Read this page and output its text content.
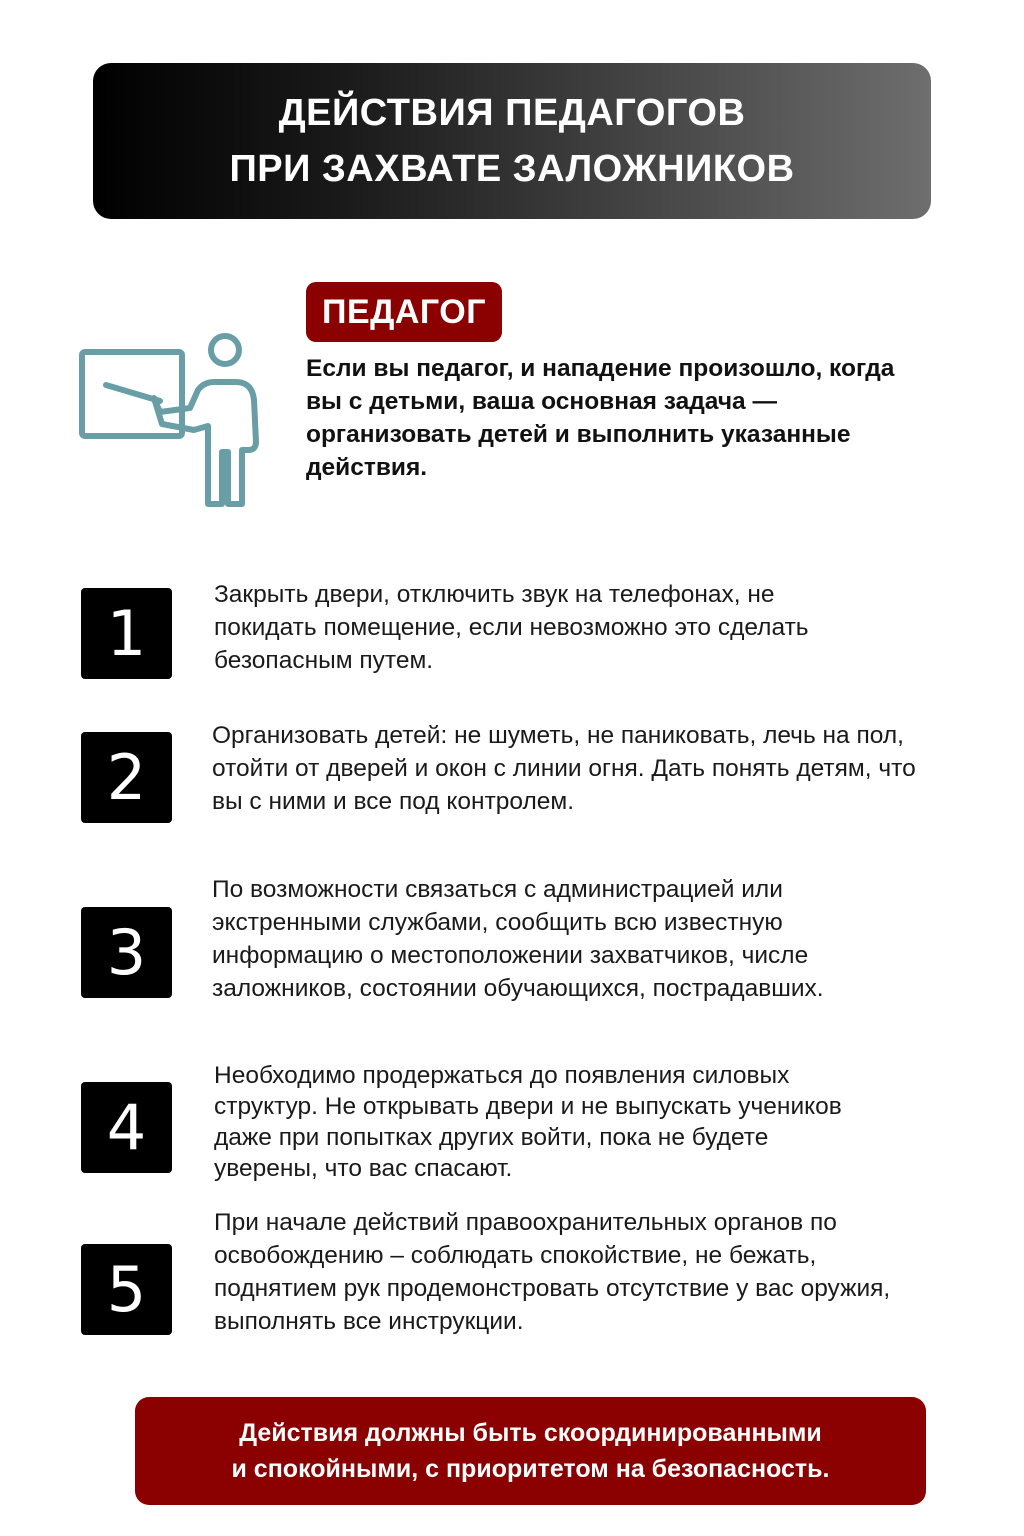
ДЕЙСТВИЯ ПЕДАГОГОВ
ПРИ ЗАХВАТЕ ЗАЛОЖНИКОВ
ПЕДАГОГ
Если вы педагог, и нападение произошло, когда вы с детьми, ваша основная задача — организовать детей и выполнить указанные действия.
1
Закрыть двери, отключить звук на телефонах, не покидать помещение, если невозможно это сделать безопасным путем.
2
Организовать детей: не шуметь, не паниковать, лечь на пол, отойти от дверей и окон с линии огня. Дать понять детям, что вы с ними и все под контролем.
3
По возможности связаться с администрацией или экстренными службами, сообщить всю известную информацию о местоположении захватчиков, числе заложников, состоянии обучающихся, пострадавших.
4
Необходимо продержаться до появления силовых структур. Не открывать двери и не выпускать учеников даже при попытках других войти, пока не будете уверены, что вас спасают.
5
При начале действий правоохранительных органов по освобождению – соблюдать спокойствие, не бежать, поднятием рук продемонстровать отсутствие у вас оружия, выполнять все инструкции.
Действия должны быть скоординированными
и спокойными, с приоритетом на безопасность.
